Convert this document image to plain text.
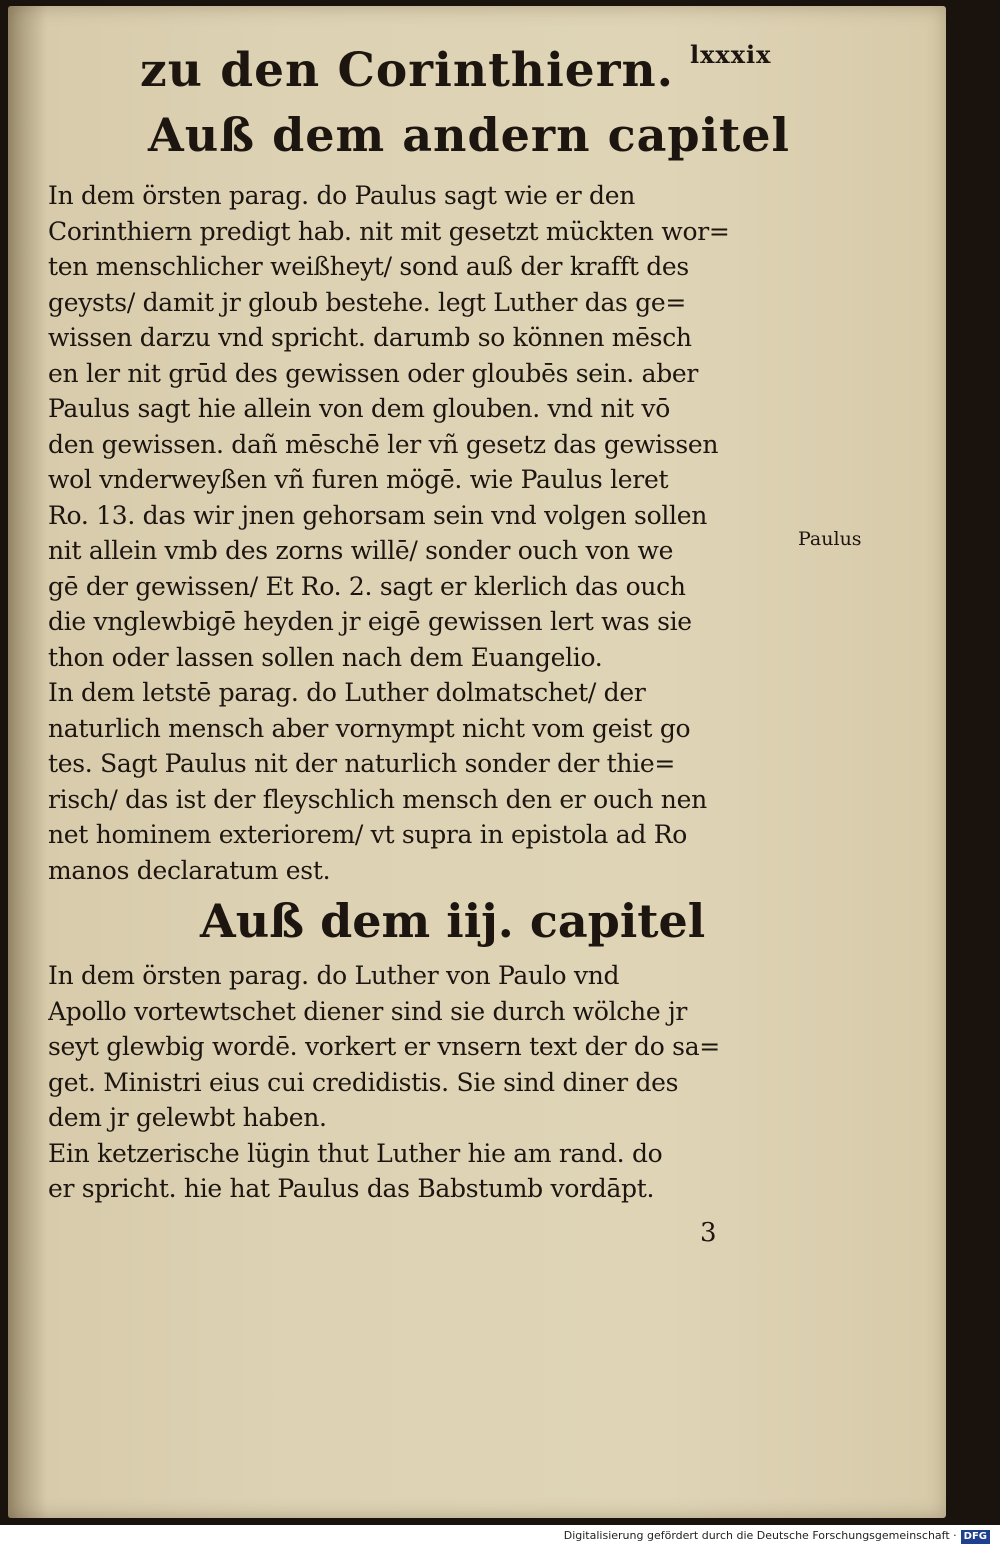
zu den Corinthiern. lxxxix
Auß dem andern capitel
In dem örsten parag. do Paulus sagt wie er den
Corinthiern predigt hab. nit mit gesetzt mückten wor=
ten menschlicher weißheyt/ sond auß der krafft des
geysts/ damit jr gloub bestehe. legt Luther das ge=
wissen darzu vnd spricht. darumb so können mēsch
en ler nit grūd des gewissen oder gloubēs sein. aber
Paulus sagt hie allein von dem glouben. vnd nit vō
den gewissen. dañ mēschē ler vñ gesetz das gewissen
wol vnderweyßen vñ furen mögē. wie Paulus leret
Ro. 13. das wir jnen gehorsam sein vnd volgen sollen
nit allein vmb des zorns willē/ sonder ouch von we
gē der gewissen/ Et Ro. 2. sagt er klerlich das ouch
die vnglewbigē heyden jr eigē gewissen lert was sie
thon oder lassen sollen nach dem Euangelio.
In dem letstē parag. do Luther dolmatschet/ der
naturlich mensch aber vornympt nicht vom geist go
tes. Sagt Paulus nit der naturlich sonder der thie=
risch/ das ist der fleyschlich mensch den er ouch nen
net hominem exteriorem/ vt supra in epistola ad Ro
manos declaratum est.
Paulus
Auß dem iij. capitel
In dem örsten parag. do Luther von Paulo vnd
Apollo vortewtschet diener sind sie durch wölche jr
seyt glewbig wordē. vorkert er vnsern text der do sa=
get. Ministri eius cui credidistis. Sie sind diner des
dem jr gelewbt haben.
Ein ketzerische lügin thut Luther hie am rand. do
er spricht. hie hat Paulus das Babstumb vordāpt.
3
Digitalisierung gefördert durch die Deutsche Forschungsgemeinschaft · DFG
